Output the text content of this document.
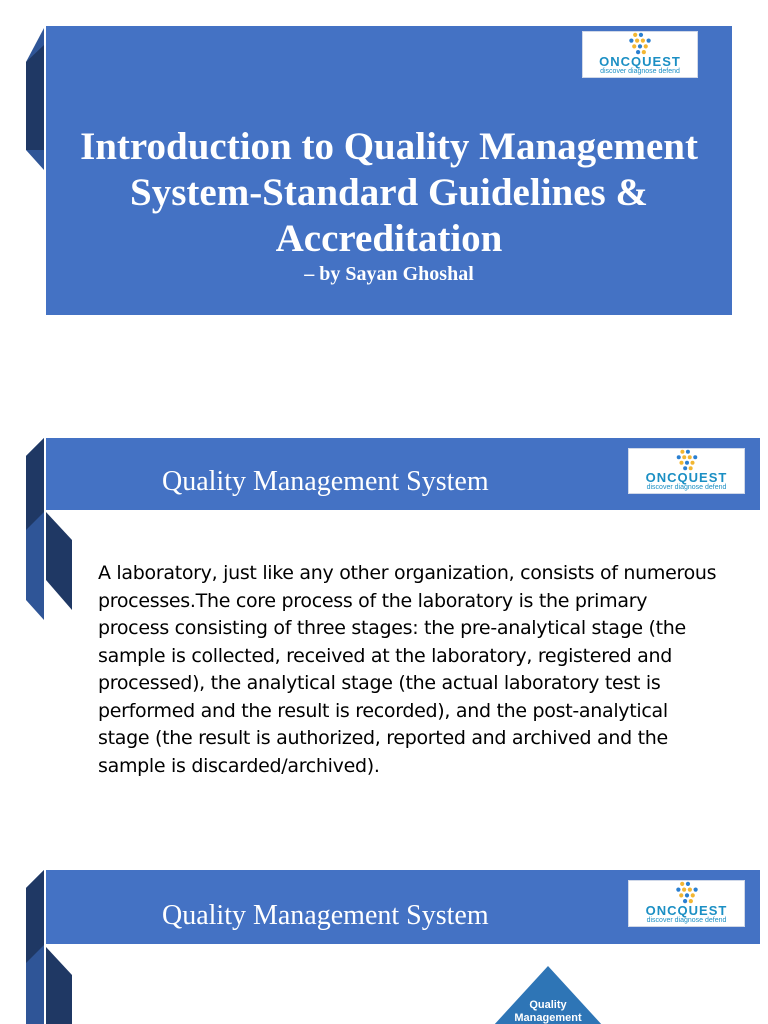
ONCQUEST
discover diagnose defend
Introduction to Quality Management System-Standard Guidelines & Accreditation
– by Sayan Ghoshal
Quality Management System	ONCQUEST
discover diagnose defend
A laboratory, just like any other organization, consists of numerous processes.The core process of the laboratory is the primary process consisting of three stages: the pre-analytical stage (the sample is collected, received at the laboratory, registered and processed), the analytical stage (the actual laboratory test is performed and the result is recorded), and the post-analytical stage (the result is authorized, reported and archived and the sample is discarded/archived).
Quality Management System	ONCQUEST
discover diagnose defend
Quality
Management
